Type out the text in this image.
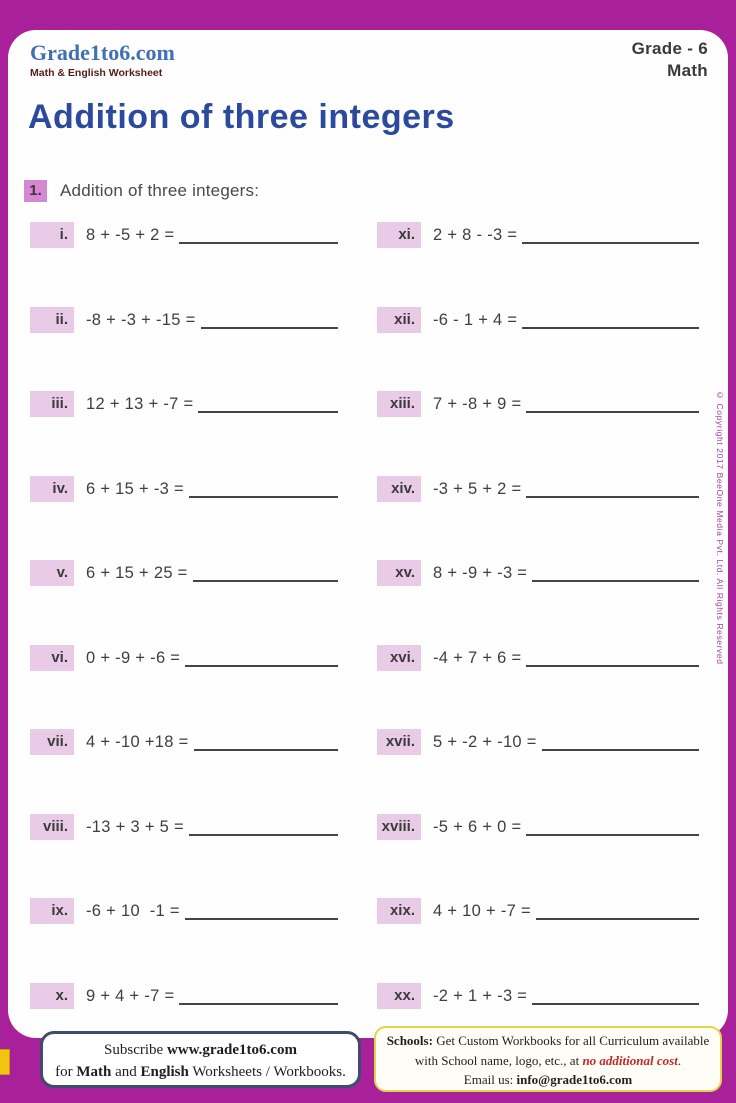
Grade1to6.com
Math & English Worksheet
Grade - 6
Math
Addition of three integers
1.	Addition of three integers:
i.	8 + -5 + 2 =
ii.	-8 + -3 + -15 =
iii.	12 + 13 + -7 =
iv.	6 + 15 + -3 =
v.	6 + 15 + 25 =
vi.	0 + -9 + -6 =
vii.	4 + -10 +18 =
viii.	-13 + 3 + 5 =
ix.	-6 + 10  -1 =
x.	9 + 4 + -7 =
xi.	2 + 8 - -3 =
xii.	-6 - 1 + 4 =
xiii.	7 + -8 + 9 =
xiv.	-3 + 5 + 2 =
xv.	8 + -9 + -3 =
xvi.	-4 + 7 + 6 =
xvii.	5 + -2 + -10 =
xviii.	-5 + 6 + 0 =
xix.	4 + 10 + -7 =
xx.	-2 + 1 + -3 =
© Copyright 2017 BeeOne Media Pvt. Ltd. All Rights Reserved
Subscribe www.grade1to6.com
for Math and English Worksheets / Workbooks.
Schools: Get Custom Workbooks for all Curriculum available
with School name, logo, etc., at no additional cost.
Email us: info@grade1to6.com
